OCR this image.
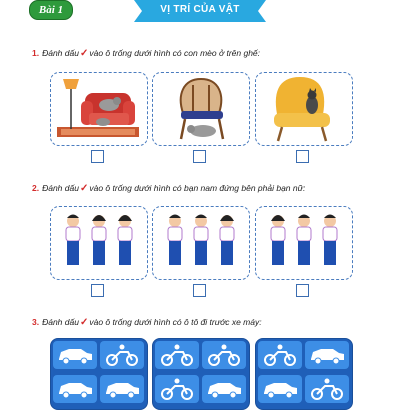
Bài 1	VỊ TRÍ CỦA VẬT
1. Đánh dấu✓vào ô trống dưới hình có con mèo ở trên ghế:
2. Đánh dấu✓vào ô trống dưới hình có bạn nam đứng bên phải bạn nữ:
3. Đánh dấu✓vào ô trống dưới hình có ô tô đi trước xe máy:
